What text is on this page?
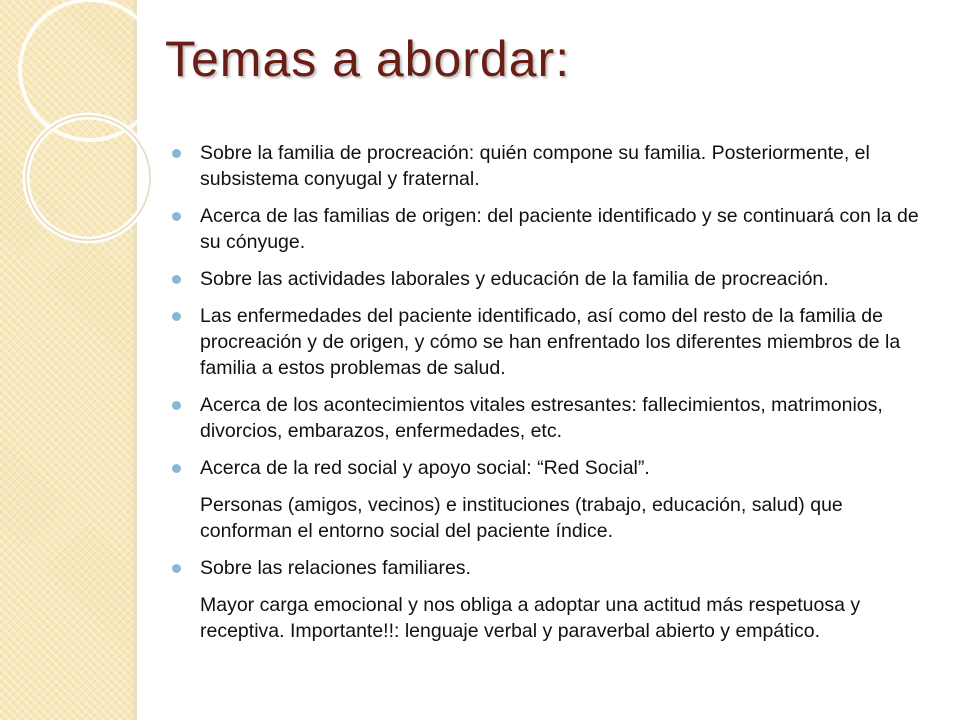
Temas a abordar:
Sobre la familia de procreación: quién compone su familia. Posteriormente, el subsistema conyugal y fraternal.
Acerca de las familias de origen: del paciente identificado y se continuará con la de su cónyuge.
Sobre las actividades laborales y educación de la familia de procreación.
Las enfermedades del paciente identificado, así como del resto de la familia de procreación y de origen, y cómo se han enfrentado los diferentes miembros de la familia a estos problemas de salud.
Acerca de los acontecimientos vitales estresantes: fallecimientos, matrimonios, divorcios, embarazos, enfermedades, etc.
Acerca de la red social y apoyo social: “Red Social”.
Personas (amigos, vecinos) e instituciones (trabajo, educación, salud) que conforman el entorno social del paciente índice.
Sobre las relaciones familiares.
Mayor carga emocional y nos obliga a adoptar una actitud más respetuosa y receptiva. Importante!!: lenguaje verbal y paraverbal abierto y empático.
